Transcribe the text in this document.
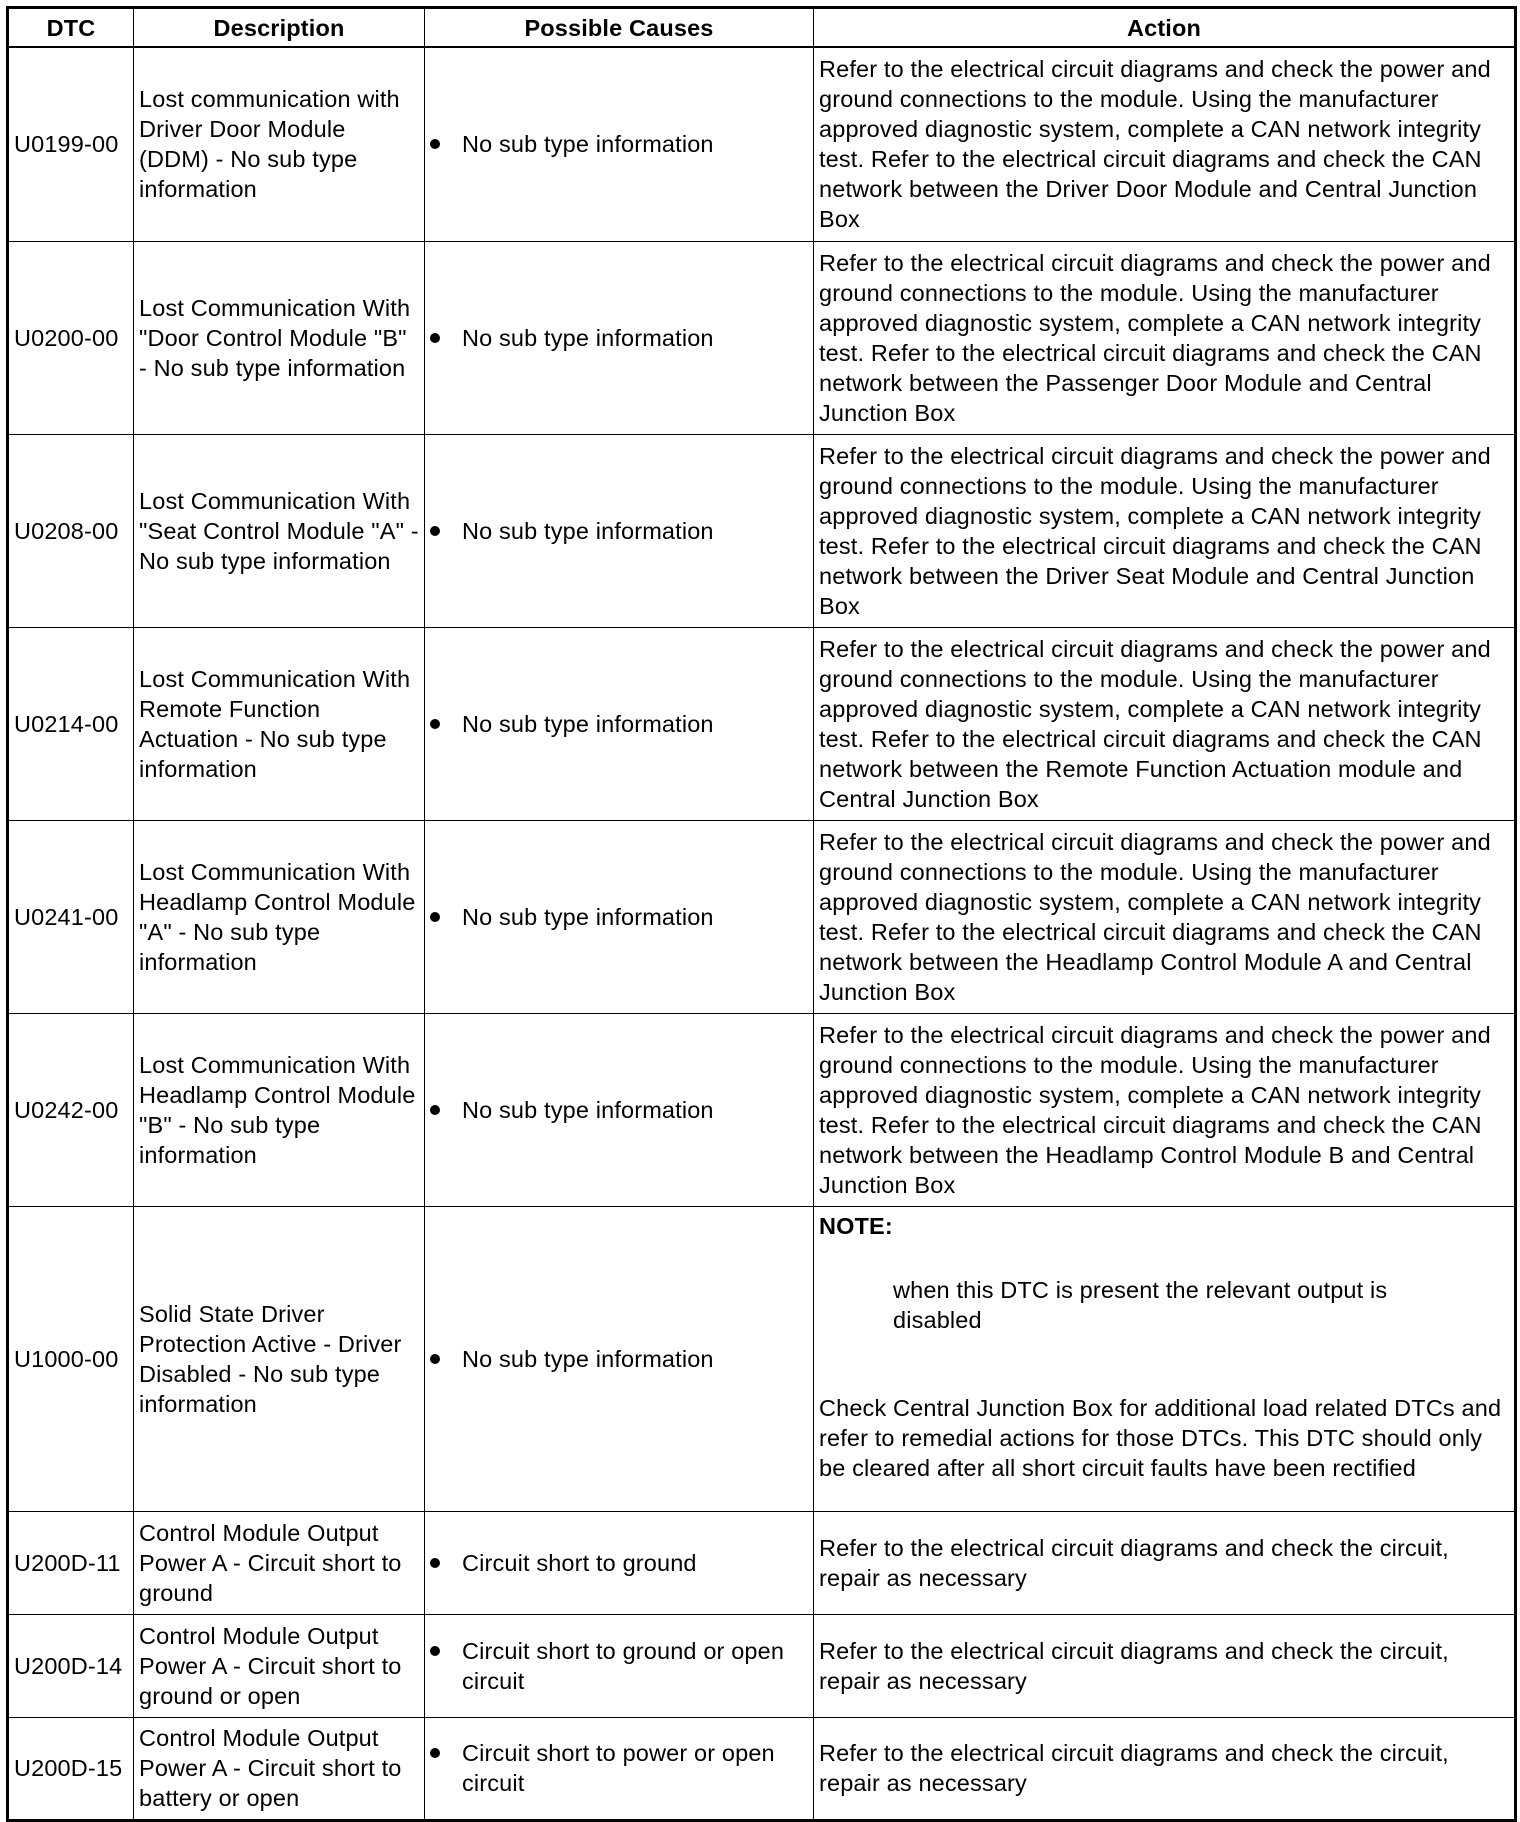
DTC	Description	Possible Causes	Action
U0199-00	Lost communication with Driver Door Module (DDM) - No sub type information	No sub type information	Refer to the electrical circuit diagrams and check the power and ground connections to the module. Using the manufacturer approved diagnostic system, complete a CAN network integrity test. Refer to the electrical circuit diagrams and check the CAN network between the Driver Door Module and Central Junction Box
U0200-00	Lost Communication With "Door Control Module "B" - No sub type information	No sub type information	Refer to the electrical circuit diagrams and check the power and ground connections to the module. Using the manufacturer approved diagnostic system, complete a CAN network integrity test. Refer to the electrical circuit diagrams and check the CAN network between the Passenger Door Module and Central Junction Box
U0208-00	Lost Communication With "Seat Control Module "A" - No sub type information	No sub type information	Refer to the electrical circuit diagrams and check the power and ground connections to the module. Using the manufacturer approved diagnostic system, complete a CAN network integrity test. Refer to the electrical circuit diagrams and check the CAN network between the Driver Seat Module and Central Junction Box
U0214-00	Lost Communication With Remote Function Actuation - No sub type information	No sub type information	Refer to the electrical circuit diagrams and check the power and ground connections to the module. Using the manufacturer approved diagnostic system, complete a CAN network integrity test. Refer to the electrical circuit diagrams and check the CAN network between the Remote Function Actuation module and Central Junction Box
U0241-00	Lost Communication With Headlamp Control Module "A" - No sub type information	No sub type information	Refer to the electrical circuit diagrams and check the power and ground connections to the module. Using the manufacturer approved diagnostic system, complete a CAN network integrity test. Refer to the electrical circuit diagrams and check the CAN network between the Headlamp Control Module A and Central Junction Box
U0242-00	Lost Communication With Headlamp Control Module "B" - No sub type information	No sub type information	Refer to the electrical circuit diagrams and check the power and ground connections to the module. Using the manufacturer approved diagnostic system, complete a CAN network integrity test. Refer to the electrical circuit diagrams and check the CAN network between the Headlamp Control Module B and Central Junction Box
U1000-00	Solid State Driver Protection Active - Driver Disabled - No sub type information	No sub type information	NOTE:
when this DTC is present the relevant output is disabled
Check Central Junction Box for additional load related DTCs and refer to remedial actions for those DTCs. This DTC should only be cleared after all short circuit faults have been rectified

U200D-11	Control Module Output Power A - Circuit short to ground	Circuit short to ground	Refer to the electrical circuit diagrams and check the circuit, repair as necessary
U200D-14	Control Module Output Power A - Circuit short to ground or open	Circuit short to ground or open circuit	Refer to the electrical circuit diagrams and check the circuit, repair as necessary
U200D-15	Control Module Output Power A - Circuit short to battery or open	Circuit short to power or open circuit	Refer to the electrical circuit diagrams and check the circuit, repair as necessary
